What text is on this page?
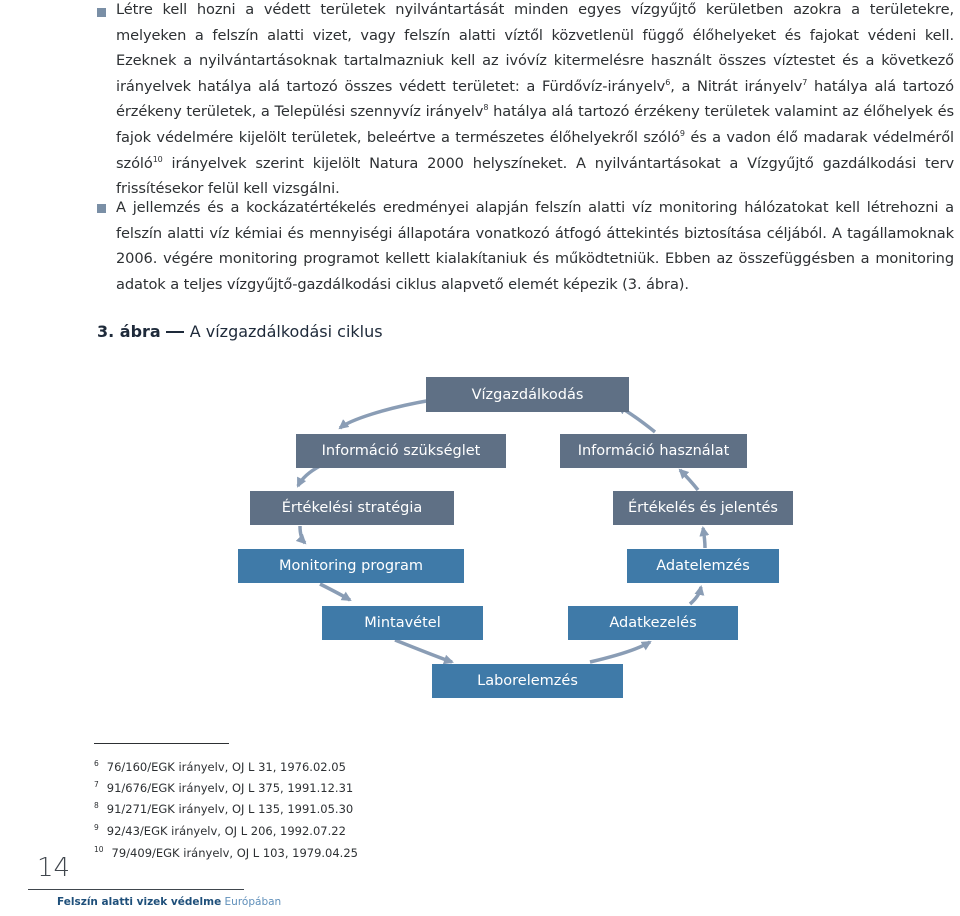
Létre kell hozni a védett területek nyilvántartását minden egyes vízgyűjtő kerületben azokra a területekre, melyeken a felszín alatti vizet, vagy felszín alatti víztől közvetlenül függő élőhelyeket és fajokat védeni kell. Ezeknek a nyilvántartásoknak tartalmazniuk kell az ivóvíz kitermelésre használt összes víztestet és a következő irányelvek hatálya alá tartozó összes védett területet: a Fürdővíz-irányelv$^6$, a Nitrát irányelv$^7$ hatálya alá tartozó érzékeny területek, a Települési szennyvíz irányelv$^8$ hatálya alá tartozó érzékeny területek valamint az élőhelyek és fajok védelmére kijelölt területek, beleértve a természetes élőhelyekről szóló$^9$ és a vadon élő madarak védelméről szóló$^{10}$ irányelvek szerint kijelölt Natura 2000 helyszíneket. A nyilvántartásokat a Vízgyűjtő gazdálkodási terv frissítésekor felül kell vizsgálni.
A jellemzés és a kockázatértékelés eredményei alapján felszín alatti víz monitoring hálózatokat kell létrehozni a felszín alatti víz kémiai és mennyiségi állapotára vonatkozó átfogó áttekintés biztosítása céljából. A tagállamoknak 2006. végére monitoring programot kellett kialakítaniuk és működtetniük. Ebben az összefüggésben a monitoring adatok a teljes vízgyűjtő-gazdálkodási ciklus alapvető elemét képezik (3. ábra).
3. ábra A vízgazdálkodási ciklus
Vízgazdálkodás
Információ szükséglet	Információ használat
Értékelési stratégia	Értékelés és jelentés
Monitoring program	Adatelemzés
Mintavétel	Adatkezelés
Laborelemzés
$^6$ 76/160/EGK irányelv, OJ L 31, 1976.02.05
$^7$ 91/676/EGK irányelv, OJ L 375, 1991.12.31
$^8$ 91/271/EGK irányelv, OJ L 135, 1991.05.30
$^9$ 92/43/EGK irányelv, OJ L 206, 1992.07.22
$^{10}$ 79/409/EGK irányelv, OJ L 103, 1979.04.25
14
Felszín alatti vizek védelme Európában
